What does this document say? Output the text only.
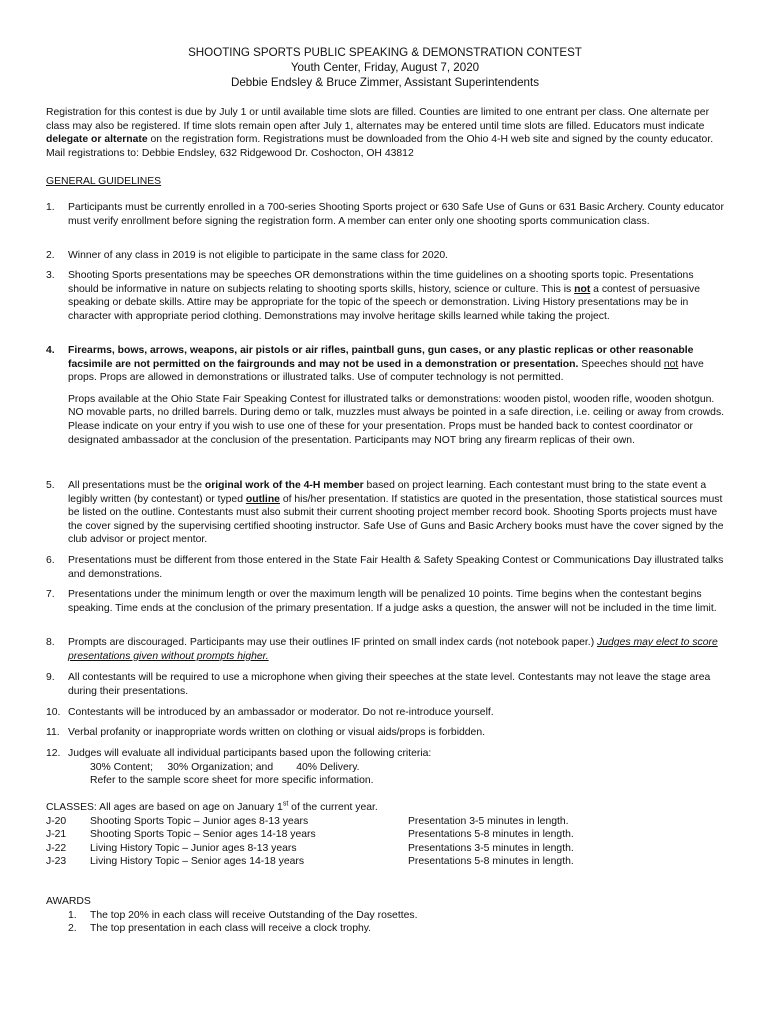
SHOOTING SPORTS PUBLIC SPEAKING & DEMONSTRATION CONTEST
Youth Center, Friday, August 7, 2020
Debbie Endsley & Bruce Zimmer, Assistant Superintendents

Registration for this contest is due by July 1 or until available time slots are filled. Counties are limited to one entrant per class. One alternate per class may also be registered. If time slots remain open after July 1, alternates may be entered until time slots are filled. Educators must indicate delegate or alternate on the registration form. Registrations must be downloaded from the Ohio 4-H web site and signed by the county educator. Mail registrations to: Debbie Endsley, 632 Ridgewood Dr. Coshocton, OH 43812

GENERAL GUIDELINES
1. Participants must be currently enrolled in a 700-series Shooting Sports project or 630 Safe Use of Guns or 631 Basic Archery. County educator must verify enrollment before signing the registration form. A member can enter only one shooting sports communication class.

2. Winner of any class in 2019 is not eligible to participate in the same class for 2020.

3. Shooting Sports presentations may be speeches OR demonstrations within the time guidelines on a shooting sports topic. Presentations should be informative in nature on subjects relating to shooting sports skills, history, science or culture. This is not a contest of persuasive speaking or debate skills. Attire may be appropriate for the topic of the speech or demonstration. Living History presentations may be in character with appropriate period clothing. Demonstrations may involve heritage skills learned while taking the project.

4. Firearms, bows, arrows, weapons, air pistols or air rifles, paintball guns, gun cases, or any plastic replicas or other reasonable facsimile are not permitted on the fairgrounds and may not be used in a demonstration or presentation. Speeches should not have props. Props are allowed in demonstrations or illustrated talks. Use of computer technology is not permitted.

Props available at the Ohio State Fair Speaking Contest for illustrated talks or demonstrations: wooden pistol, wooden rifle, wooden shotgun. NO movable parts, no drilled barrels. During demo or talk, muzzles must always be pointed in a safe direction, i.e. ceiling or away from crowds. Please indicate on your entry if you wish to use one of these for your presentation. Props must be handed back to contest coordinator or designated ambassador at the conclusion of the presentation. Participants may NOT bring any firearm replicas of their own.

5. All presentations must be the original work of the 4-H member based on project learning. Each contestant must bring to the state event a legibly written (by contestant) or typed outline of his/her presentation. If statistics are quoted in the presentation, those statistical sources must be listed on the outline. Contestants must also submit their current shooting project member record book. Shooting Sports projects must have the cover signed by the supervising certified shooting instructor. Safe Use of Guns and Basic Archery books must have the cover signed by the club advisor or project mentor.

6. Presentations must be different from those entered in the State Fair Health & Safety Speaking Contest or Communications Day illustrated talks and demonstrations.

7. Presentations under the minimum length or over the maximum length will be penalized 10 points. Time begins when the contestant begins speaking. Time ends at the conclusion of the primary presentation. If a judge asks a question, the answer will not be included in the time limit.

8. Prompts are discouraged. Participants may use their outlines IF printed on small index cards (not notebook paper.) Judges may elect to score presentations given without prompts higher.

9. All contestants will be required to use a microphone when giving their speeches at the state level. Contestants may not leave the stage area during their presentations.

10. Contestants will be introduced by an ambassador or moderator. Do not re-introduce yourself.

11. Verbal profanity or inappropriate words written on clothing or visual aids/props is forbidden.

12. Judges will evaluate all individual participants based upon the following criteria:

30% Content;     30% Organization; and        40% Delivery.

Refer to the sample score sheet for more specific information.

CLASSES: All ages are based on age on January 1st of the current year.

J-20 Shooting Sports Topic – Junior ages 8-13 years	Presentation 3-5 minutes in length.
J-21 Shooting Sports Topic – Senior ages 14-18 years	Presentations 5-8 minutes in length.
J-22 Living History Topic – Junior ages 8-13 years	Presentations 3-5 minutes in length.
J-23 Living History Topic – Senior ages 14-18 years	Presentations 5-8 minutes in length.

AWARDS

1. The top 20% in each class will receive Outstanding of the Day rosettes.
2. The top presentation in each class will receive a clock trophy.
